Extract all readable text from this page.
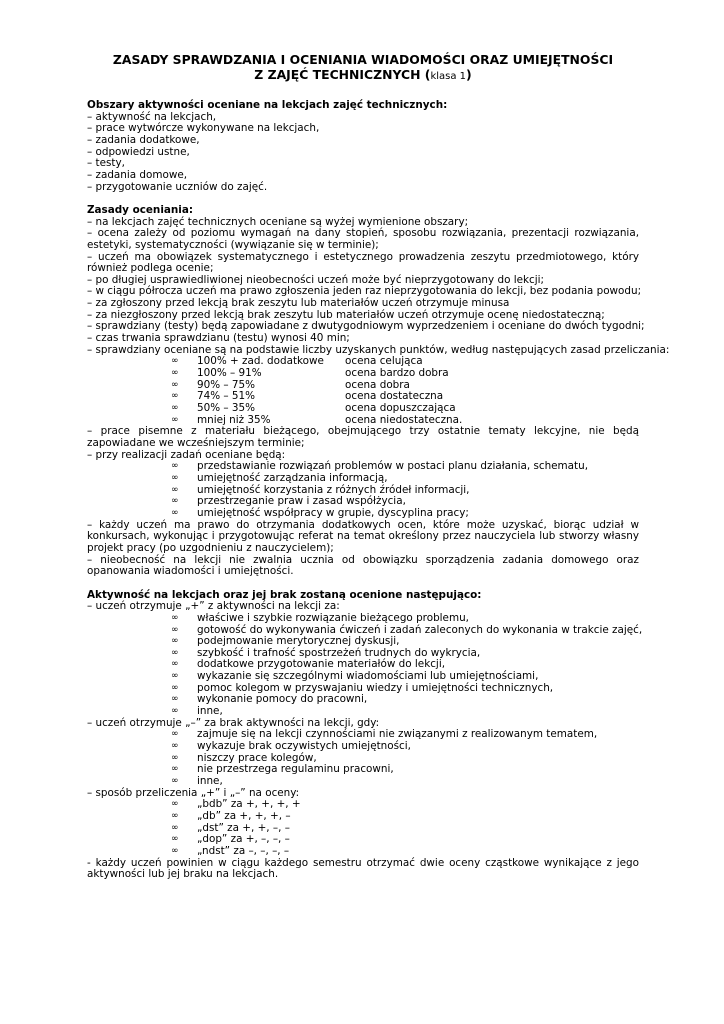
ZASADY SPRAWDZANIA I OCENIANIA WIADOMOŚCI ORAZ UMIEJĘTNOŚCI
Z ZAJĘĆ TECHNICZNYCH (klasa 1)
Obszary aktywności oceniane na lekcjach zajęć technicznych:
– aktywność na lekcjach,
– prace wytwórcze wykonywane na lekcjach,
– zadania dodatkowe,
– odpowiedzi ustne,
– testy,
– zadania domowe,
– przygotowanie uczniów do zajęć.
Zasady oceniania:
– na lekcjach zajęć technicznych oceniane są wyżej wymienione obszary;
– ocena zależy od poziomu wymagań na dany stopień, sposobu rozwiązania, prezentacji rozwiązania, estetyki, systematyczności (wywiązanie się w terminie);
– uczeń ma obowiązek systematycznego i estetycznego prowadzenia zeszytu przedmiotowego, który również podlega ocenie;
– po długiej usprawiedliwionej nieobecności uczeń może być nieprzygotowany do lekcji;
– w ciągu półrocza uczeń ma prawo zgłoszenia jeden raz nieprzygotowania do lekcji, bez podania powodu;
– za zgłoszony przed lekcją brak zeszytu lub materiałów uczeń otrzymuje minusa
– za niezgłoszony przed lekcją brak zeszytu lub materiałów uczeń otrzymuje ocenę niedostateczną;
– sprawdziany (testy) będą zapowiadane z dwutygodniowym wyprzedzeniem i oceniane do dwóch tygodni;
– czas trwania sprawdzianu (testu) wynosi 40 min;
– sprawdziany oceniane są na podstawie liczby uzyskanych punktów, według następujących zasad przeliczania:
∞ 100% + zad. dodatkowe ocena celująca
∞ 100% – 91%	ocena bardzo dobra
∞ 90% – 75%	ocena dobra
∞ 74% – 51%	ocena dostateczna
∞ 50% – 35%	ocena dopuszczająca
∞ mniej niż 35%	ocena niedostateczna.
– prace pisemne z materiału bieżącego, obejmującego trzy ostatnie tematy lekcyjne, nie będą zapowiadane we wcześniejszym terminie;
– przy realizacji zadań oceniane będą:
∞ przedstawianie rozwiązań problemów w postaci planu działania, schematu,
∞ umiejętność zarządzania informacją,
∞ umiejętność korzystania z różnych źródeł informacji,
∞ przestrzeganie praw i zasad współżycia,
∞ umiejętność współpracy w grupie, dyscyplina pracy;
– każdy uczeń ma prawo do otrzymania dodatkowych ocen, które może uzyskać, biorąc udział w konkursach, wykonując i przygotowując referat na temat określony przez nauczyciela lub stworzy własny projekt pracy (po uzgodnieniu z nauczycielem);
– nieobecność na lekcji nie zwalnia ucznia od obowiązku sporządzenia zadania domowego oraz opanowania wiadomości i umiejętności.
Aktywność na lekcjach oraz jej brak zostaną ocenione następująco:
– uczeń otrzymuje „+” z aktywności na lekcji za:
∞ właściwe i szybkie rozwiązanie bieżącego problemu,
∞ gotowość do wykonywania ćwiczeń i zadań zaleconych do wykonania w trakcie zajęć,
∞ podejmowanie merytorycznej dyskusji,
∞ szybkość i trafność spostrzeżeń trudnych do wykrycia,
∞ dodatkowe przygotowanie materiałów do lekcji,
∞ wykazanie się szczególnymi wiadomościami lub umiejętnościami,
∞ pomoc kolegom w przyswajaniu wiedzy i umiejętności technicznych,
∞ wykonanie pomocy do pracowni,
∞ inne,
– uczeń otrzymuje „–” za brak aktywności na lekcji, gdy:
∞ zajmuje się na lekcji czynnościami nie związanymi z realizowanym tematem,
∞ wykazuje brak oczywistych umiejętności,
∞ niszczy prace kolegów,
∞ nie przestrzega regulaminu pracowni,
∞ inne,
– sposób przeliczenia „+” i „–” na oceny:
∞ „bdb” za +, +, +, +
∞ „db” za +, +, +, –
∞ „dst” za +, +, –, –
∞ „dop” za +, –, –, –
∞ „ndst” za –, –, –, –
- każdy uczeń powinien w ciągu każdego semestru otrzymać dwie oceny cząstkowe wynikające z jego aktywności lub jej braku na lekcjach.
